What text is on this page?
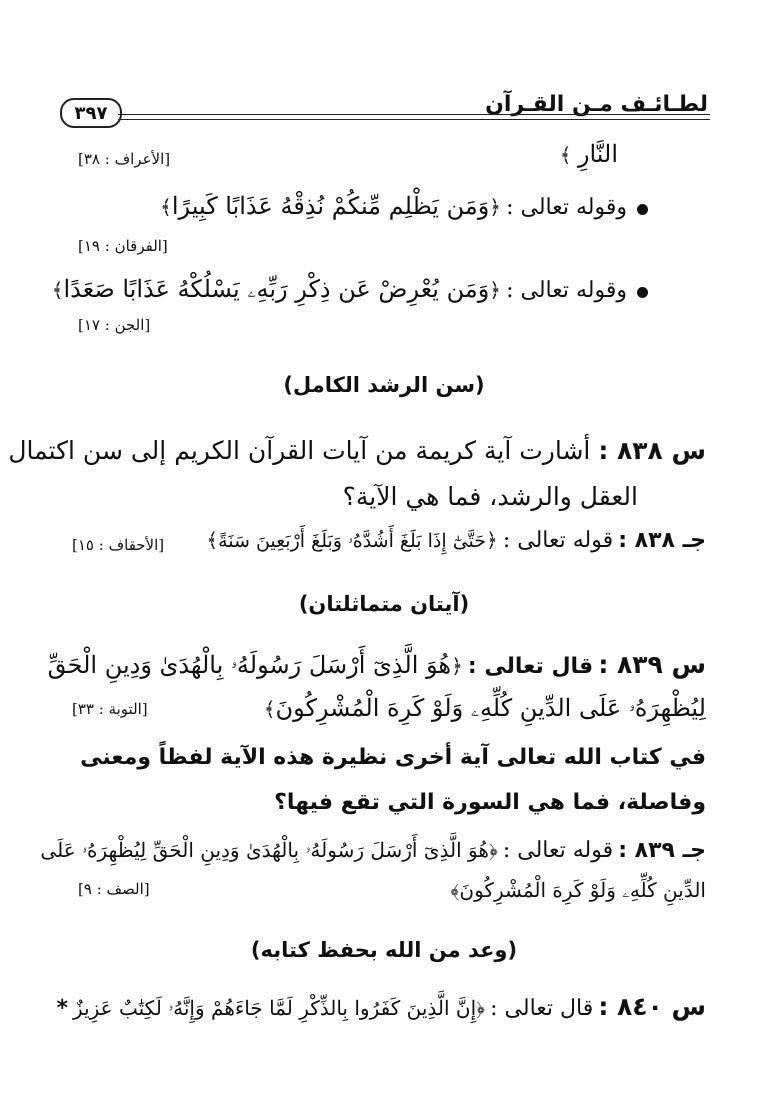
لطـائـف مـن القـرآن
٣٩٧
النَّارِ ﴾
[الأعراف : ٣٨]
وقوله تعالى : ﴿وَمَن يَظْلِم مِّنكُمْ نُذِقْهُ عَذَابًا كَبِيرًا﴾
[الفرقان : ١٩]
وقوله تعالى : ﴿وَمَن يُعْرِضْ عَن ذِكْرِ رَبِّهِۦ يَسْلُكْهُ عَذَابًا صَعَدًا﴾
[الجن : ١٧]
(سن الرشد الكامل)
س ٨٣٨ : أشارت آية كريمة من آيات القرآن الكريم إلى سن اكتمال
العقل والرشد، فما هي الآية؟
جـ ٨٣٨ : قوله تعالى : ﴿حَتَّىٰٓ إِذَا بَلَغَ أَشُدَّهُۥ وَبَلَغَ أَرْبَعِينَ سَنَةً﴾
[الأحقاف : ١٥]
(آيتان متماثلتان)
س ٨٣٩ : قال تعالى : ﴿هُوَ الَّذِىٓ أَرْسَلَ رَسُولَهُۥ بِالْهُدَىٰ وَدِينِ الْحَقِّ
لِيُظْهِرَهُۥ عَلَى الدِّينِ كُلِّهِۦ وَلَوْ كَرِهَ الْمُشْرِكُونَ﴾
[التوبة : ٣٣]
في كتاب الله تعالى آية أخرى نظيرة هذه الآية لفظاً ومعنى
وفاصلة، فما هي السورة التي تقع فيها؟
جـ ٨٣٩ : قوله تعالى : ﴿هُوَ الَّذِىٓ أَرْسَلَ رَسُولَهُۥ بِالْهُدَىٰ وَدِينِ الْحَقِّ لِيُظْهِرَهُۥ عَلَى
الدِّينِ كُلِّهِۦ وَلَوْ كَرِهَ الْمُشْرِكُونَ﴾
[الصف : ٩]
(وعد من الله بحفظ كتابه)
س ٨٤٠ : قال تعالى : ﴿إِنَّ الَّذِينَ كَفَرُوا بِالذِّكْرِ لَمَّا جَاءَهُمْ وَإِنَّهُۥ لَكِتَٰبٌ عَزِيزٌ *
